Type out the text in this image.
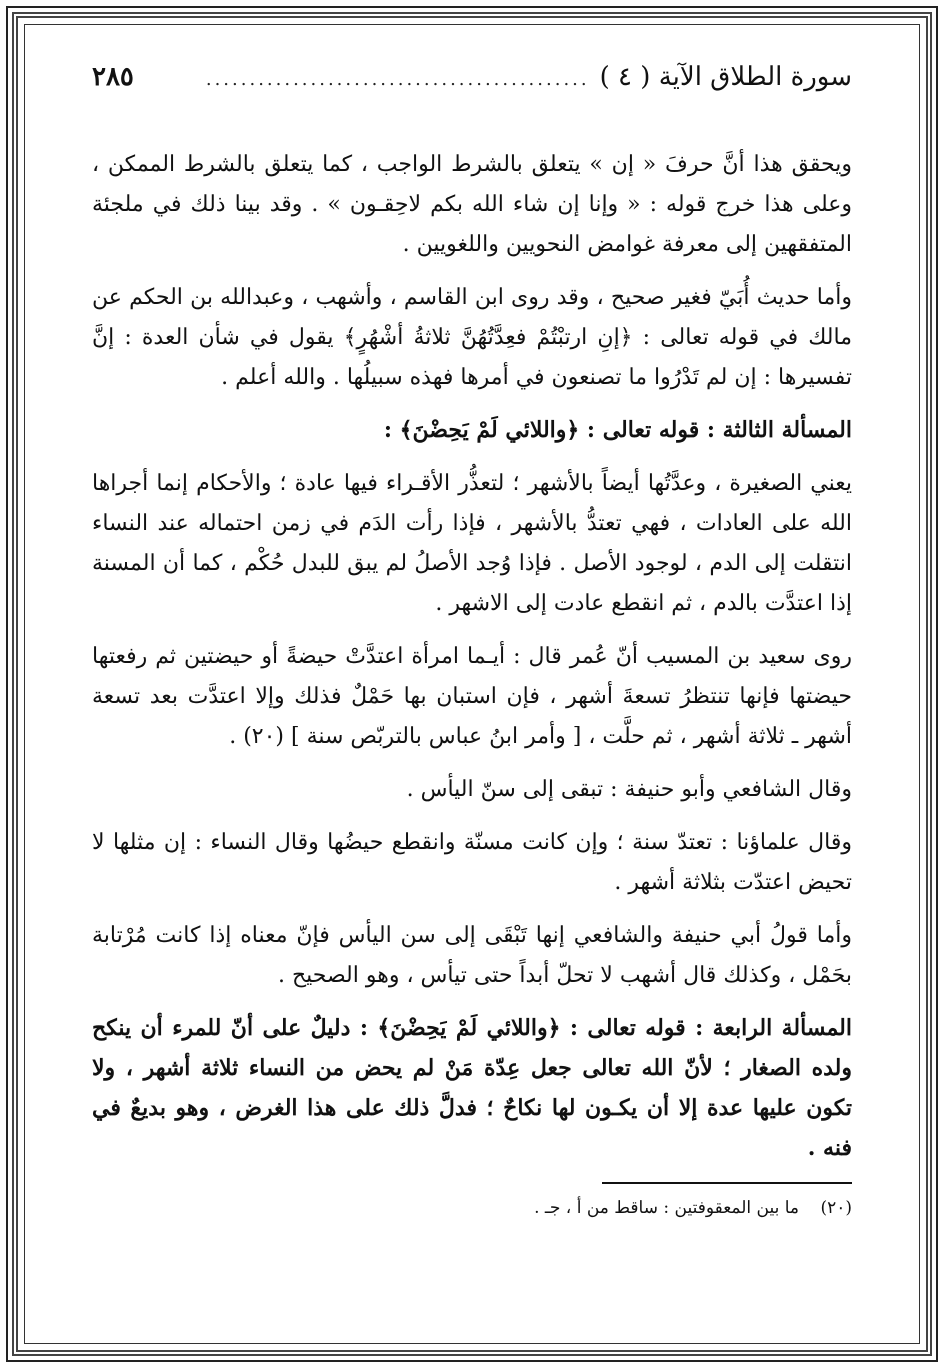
سورة الطلاق الآية ( ٤ )
............................................
٢٨٥

ويحقق هذا أنَّ حرفَ « إن » يتعلق بالشرط الواجب ، كما يتعلق بالشرط الممكن ، وعلى هذا خرج قوله : « وإنا إن شاء الله بكم لاحِقـون » . وقد بينا ذلك في ملجئة المتفقهين إلى معرفة غوامض النحويين واللغويين .

وأما حديث أُبَيّ فغير صحيح ، وقد روى ابن القاسم ، وأشهب ، وعبدالله بن الحكم عن مالك في قوله تعالى : ﴿إنِ ارتبْتُمْ فعِدَّتُهُنَّ ثلاثةُ أشْهُرٍ﴾ يقول في شأن العدة : إنَّ تفسيرها : إن لم تَدْرُوا ما تصنعون في أمرها فهذه سبيلُها . والله أعلم .

المسألة الثالثة : قوله تعالى : ﴿واللائي لَمْ يَحِضْنَ﴾ :

يعني الصغيرة ، وعدَّتُها أيضاً بالأشهر ؛ لتعذُّر الأقـراء فيها عادة ؛ والأحكام إنما أجراها الله على العادات ، فهي تعتدُّ بالأشهر ، فإذا رأت الدَم في زمن احتماله عند النساء انتقلت إلى الدم ، لوجود الأصل . فإذا وُجد الأصلُ لم يبق للبدل حُكْم ، كما أن المسنة إذا اعتدَّت بالدم ، ثم انقطع عادت إلى الاشهر .

روى سعيد بن المسيب أنّ عُمر قال : أيـما امرأة اعتدَّتْ حيضةً أو حيضتين ثم رفعتها حيضتها فإنها تنتظرُ تسعةَ أشهر ، فإن استبان بها حَمْلٌ فذلك وإلا اعتدَّت بعد تسعة أشهر ـ ثلاثة أشهر ، ثم حلَّت ، [ وأمر ابنُ عباس بالتربّص سنة ] (٢٠) .

وقال الشافعي وأبو حنيفة : تبقى إلى سنّ اليأس .

وقال علماؤنا : تعتدّ سنة ؛ وإن كانت مسنّة وانقطع حيضُها وقال النساء : إن مثلها لا تحيض اعتدّت بثلاثة أشهر .

وأما قولُ أبي حنيفة والشافعي إنها تَبْقَى إلى سن اليأس فإنّ معناه إذا كانت مُرْتابة بحَمْل ، وكذلك قال أشهب لا تحلّ أبداً حتى تيأس ، وهو الصحيح .

المسألة الرابعة : قوله تعالى : ﴿واللائي لَمْ يَحِضْنَ﴾ : دليلٌ على أنّ للمرء أن ينكح ولده الصغار ؛ لأنّ الله تعالى جعل عِدّة مَنْ لم يحض من النساء ثلاثة أشهر ، ولا تكون عليها عدة إلا أن يكـون لها نكاحٌ ؛ فدلَّ ذلك على هذا الغرض ، وهو بديعٌ في فنه .

(٢٠) ما بين المعقوفتين : ساقط من أ ، جـ .
